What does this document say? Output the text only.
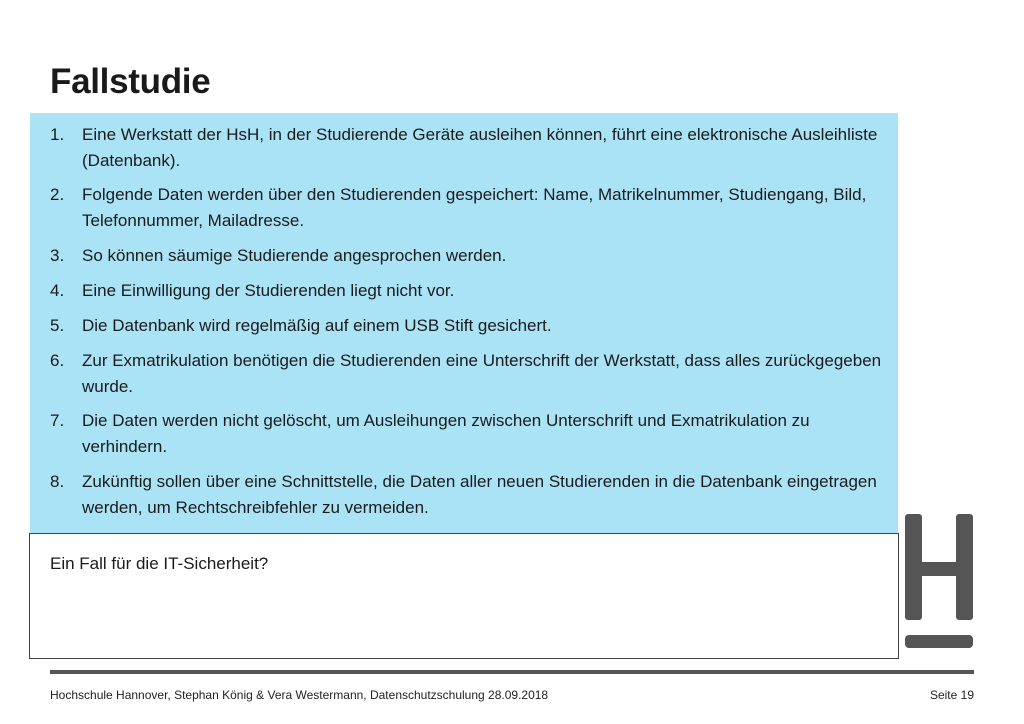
Fallstudie
1.	Eine Werkstatt der HsH, in der Studierende Geräte ausleihen können, führt eine elektronische Ausleihliste (Datenbank).
2.	Folgende Daten werden über den Studierenden gespeichert: Name, Matrikelnummer, Studiengang, Bild, Telefonnummer, Mailadresse.
3.	So können säumige Studierende angesprochen werden.
4.	Eine Einwilligung der Studierenden liegt nicht vor.
5.	Die Datenbank wird regelmäßig auf einem USB Stift gesichert.
6.	Zur Exmatrikulation benötigen die Studierenden eine Unterschrift der Werkstatt, dass alles zurückgegeben wurde.
7.	Die Daten werden nicht gelöscht, um Ausleihungen zwischen Unterschrift und Exmatrikulation zu verhindern.
8.	Zukünftig sollen über eine Schnittstelle, die Daten aller neuen Studierenden in die Datenbank eingetragen werden, um Rechtschreibfehler zu vermeiden.
Ein Fall für die IT-Sicherheit?
Hochschule Hannover, Stephan König & Vera Westermann, Datenschutzschulung 28.09.2018	Seite 19
